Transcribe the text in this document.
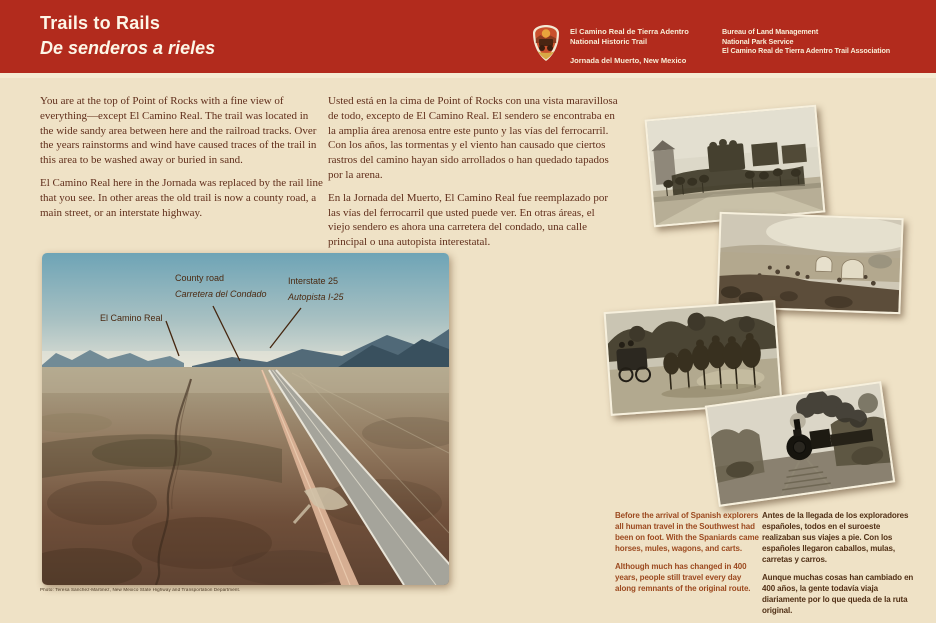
Trails to Rails
De senderos a rieles
El Camino Real de Tierra Adentro
National Historic Trail
Jornada del Muerto, New Mexico
Bureau of Land Management
National Park Service
El Camino Real de Tierra Adentro Trail Association

You are at the top of Point of Rocks with a fine view of everything—except El Camino Real. The trail was located in the wide sandy area between here and the railroad tracks. Over the years rainstorms and wind have caused traces of the trail in this area to be washed away or buried in sand.

El Camino Real here in the Jornada was replaced by the rail line that you see. In other areas the old trail is now a county road, a main street, or an interstate highway.

Usted está en la cima de Point of Rocks con una vista maravillosa de todo, excepto de El Camino Real. El sendero se encontraba en la amplia área arenosa entre este punto y las vías del ferrocarril. Con los años, las tormentas y el viento han causado que ciertos rastros del camino hayan sido arrollados o han quedado tapados por la arena.

En la Jornada del Muerto, El Camino Real fue reemplazado por las vías del ferrocarril que usted puede ver. En otras áreas, el viejo sendero es ahora una carretera del condado, una calle principal o una autopista interestatal.

El Camino Real
County road
Carretera del Condado
Interstate 25
Autopista I-25
Photo: Teresa Sanchez-Martinez, New Mexico State Highway and Transportation Department.

Before the arrival of Spanish explorers all human travel in the Southwest had been on foot. With the Spaniards came horses, mules, wagons, and carts.

Although much has changed in 400 years, people still travel every day along remnants of the original route.

Antes de la llegada de los exploradores españoles, todos en el suroeste realizaban sus viajes a pie. Con los españoles llegaron caballos, mulas, carretas y carros.

Aunque muchas cosas han cambiado en 400 años, la gente todavía viaja diariamente por lo que queda de la ruta original.
